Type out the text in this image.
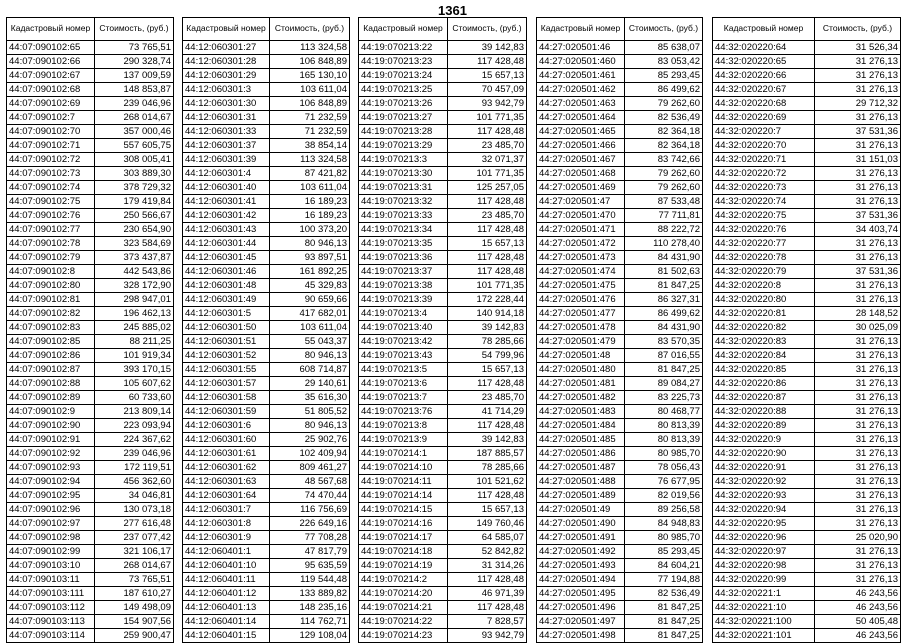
1361
Кадастровый номер	Стоимость, (руб.)
44:07:090102:65	73 765,51
44:07:090102:66	290 328,74
44:07:090102:67	137 009,59
44:07:090102:68	148 853,87
44:07:090102:69	239 046,96
44:07:090102:7	268 014,67
44:07:090102:70	357 000,46
44:07:090102:71	557 605,75
44:07:090102:72	308 005,41
44:07:090102:73	303 889,30
44:07:090102:74	378 729,32
44:07:090102:75	179 419,84
44:07:090102:76	250 566,67
44:07:090102:77	230 654,90
44:07:090102:78	323 584,69
44:07:090102:79	373 437,87
44:07:090102:8	442 543,86
44:07:090102:80	328 172,90
44:07:090102:81	298 947,01
44:07:090102:82	196 462,13
44:07:090102:83	245 885,02
44:07:090102:85	88 211,25
44:07:090102:86	101 919,34
44:07:090102:87	393 170,15
44:07:090102:88	105 607,62
44:07:090102:89	60 733,60
44:07:090102:9	213 809,14
44:07:090102:90	223 093,94
44:07:090102:91	224 367,62
44:07:090102:92	239 046,96
44:07:090102:93	172 119,51
44:07:090102:94	456 362,60
44:07:090102:95	34 046,81
44:07:090102:96	130 073,18
44:07:090102:97	277 616,48
44:07:090102:98	237 077,42
44:07:090102:99	321 106,17
44:07:090103:10	268 014,67
44:07:090103:11	73 765,51
44:07:090103:111	187 610,27
44:07:090103:112	149 498,09
44:07:090103:113	154 907,56
44:07:090103:114	259 900,47
Кадастровый номер	Стоимость, (руб.)
44:12:060301:27	113 324,58
44:12:060301:28	106 848,89
44:12:060301:29	165 130,10
44:12:060301:3	103 611,04
44:12:060301:30	106 848,89
44:12:060301:31	71 232,59
44:12:060301:33	71 232,59
44:12:060301:37	38 854,14
44:12:060301:39	113 324,58
44:12:060301:4	87 421,82
44:12:060301:40	103 611,04
44:12:060301:41	16 189,23
44:12:060301:42	16 189,23
44:12:060301:43	100 373,20
44:12:060301:44	80 946,13
44:12:060301:45	93 897,51
44:12:060301:46	161 892,25
44:12:060301:48	45 329,83
44:12:060301:49	90 659,66
44:12:060301:5	417 682,01
44:12:060301:50	103 611,04
44:12:060301:51	55 043,37
44:12:060301:52	80 946,13
44:12:060301:55	608 714,87
44:12:060301:57	29 140,61
44:12:060301:58	35 616,30
44:12:060301:59	51 805,52
44:12:060301:6	80 946,13
44:12:060301:60	25 902,76
44:12:060301:61	102 409,94
44:12:060301:62	809 461,27
44:12:060301:63	48 567,68
44:12:060301:64	74 470,44
44:12:060301:7	116 756,69
44:12:060301:8	226 649,16
44:12:060301:9	77 708,28
44:12:060401:1	47 817,79
44:12:060401:10	95 635,59
44:12:060401:11	119 544,48
44:12:060401:12	133 889,82
44:12:060401:13	148 235,16
44:12:060401:14	114 762,71
44:12:060401:15	129 108,04
Кадастровый номер	Стоимость, (руб.)
44:19:070213:22	39 142,83
44:19:070213:23	117 428,48
44:19:070213:24	15 657,13
44:19:070213:25	70 457,09
44:19:070213:26	93 942,79
44:19:070213:27	101 771,35
44:19:070213:28	117 428,48
44:19:070213:29	23 485,70
44:19:070213:3	32 071,37
44:19:070213:30	101 771,35
44:19:070213:31	125 257,05
44:19:070213:32	117 428,48
44:19:070213:33	23 485,70
44:19:070213:34	117 428,48
44:19:070213:35	15 657,13
44:19:070213:36	117 428,48
44:19:070213:37	117 428,48
44:19:070213:38	101 771,35
44:19:070213:39	172 228,44
44:19:070213:4	140 914,18
44:19:070213:40	39 142,83
44:19:070213:42	78 285,66
44:19:070213:43	54 799,96
44:19:070213:5	15 657,13
44:19:070213:6	117 428,48
44:19:070213:7	23 485,70
44:19:070213:76	41 714,29
44:19:070213:8	117 428,48
44:19:070213:9	39 142,83
44:19:070214:1	187 885,57
44:19:070214:10	78 285,66
44:19:070214:11	101 521,62
44:19:070214:14	117 428,48
44:19:070214:15	15 657,13
44:19:070214:16	149 760,46
44:19:070214:17	64 585,07
44:19:070214:18	52 842,82
44:19:070214:19	31 314,26
44:19:070214:2	117 428,48
44:19:070214:20	46 971,39
44:19:070214:21	117 428,48
44:19:070214:22	7 828,57
44:19:070214:23	93 942,79
Кадастровый номер	Стоимость, (руб.)
44:27:020501:46	85 638,07
44:27:020501:460	83 053,42
44:27:020501:461	85 293,45
44:27:020501:462	86 499,62
44:27:020501:463	79 262,60
44:27:020501:464	82 536,49
44:27:020501:465	82 364,18
44:27:020501:466	82 364,18
44:27:020501:467	83 742,66
44:27:020501:468	79 262,60
44:27:020501:469	79 262,60
44:27:020501:47	87 533,48
44:27:020501:470	77 711,81
44:27:020501:471	88 222,72
44:27:020501:472	110 278,40
44:27:020501:473	84 431,90
44:27:020501:474	81 502,63
44:27:020501:475	81 847,25
44:27:020501:476	86 327,31
44:27:020501:477	86 499,62
44:27:020501:478	84 431,90
44:27:020501:479	83 570,35
44:27:020501:48	87 016,55
44:27:020501:480	81 847,25
44:27:020501:481	89 084,27
44:27:020501:482	83 225,73
44:27:020501:483	80 468,77
44:27:020501:484	80 813,39
44:27:020501:485	80 813,39
44:27:020501:486	80 985,70
44:27:020501:487	78 056,43
44:27:020501:488	76 677,95
44:27:020501:489	82 019,56
44:27:020501:49	89 256,58
44:27:020501:490	84 948,83
44:27:020501:491	80 985,70
44:27:020501:492	85 293,45
44:27:020501:493	84 604,21
44:27:020501:494	77 194,88
44:27:020501:495	82 536,49
44:27:020501:496	81 847,25
44:27:020501:497	81 847,25
44:27:020501:498	81 847,25
Кадастровый номер	Стоимость, (руб.)
44:32:020220:64	31 526,34
44:32:020220:65	31 276,13
44:32:020220:66	31 276,13
44:32:020220:67	31 276,13
44:32:020220:68	29 712,32
44:32:020220:69	31 276,13
44:32:020220:7	37 531,36
44:32:020220:70	31 276,13
44:32:020220:71	31 151,03
44:32:020220:72	31 276,13
44:32:020220:73	31 276,13
44:32:020220:74	31 276,13
44:32:020220:75	37 531,36
44:32:020220:76	34 403,74
44:32:020220:77	31 276,13
44:32:020220:78	31 276,13
44:32:020220:79	37 531,36
44:32:020220:8	31 276,13
44:32:020220:80	31 276,13
44:32:020220:81	28 148,52
44:32:020220:82	30 025,09
44:32:020220:83	31 276,13
44:32:020220:84	31 276,13
44:32:020220:85	31 276,13
44:32:020220:86	31 276,13
44:32:020220:87	31 276,13
44:32:020220:88	31 276,13
44:32:020220:89	31 276,13
44:32:020220:9	31 276,13
44:32:020220:90	31 276,13
44:32:020220:91	31 276,13
44:32:020220:92	31 276,13
44:32:020220:93	31 276,13
44:32:020220:94	31 276,13
44:32:020220:95	31 276,13
44:32:020220:96	25 020,90
44:32:020220:97	31 276,13
44:32:020220:98	31 276,13
44:32:020220:99	31 276,13
44:32:020221:1	46 243,56
44:32:020221:10	46 243,56
44:32:020221:100	50 405,48
44:32:020221:101	46 243,56
